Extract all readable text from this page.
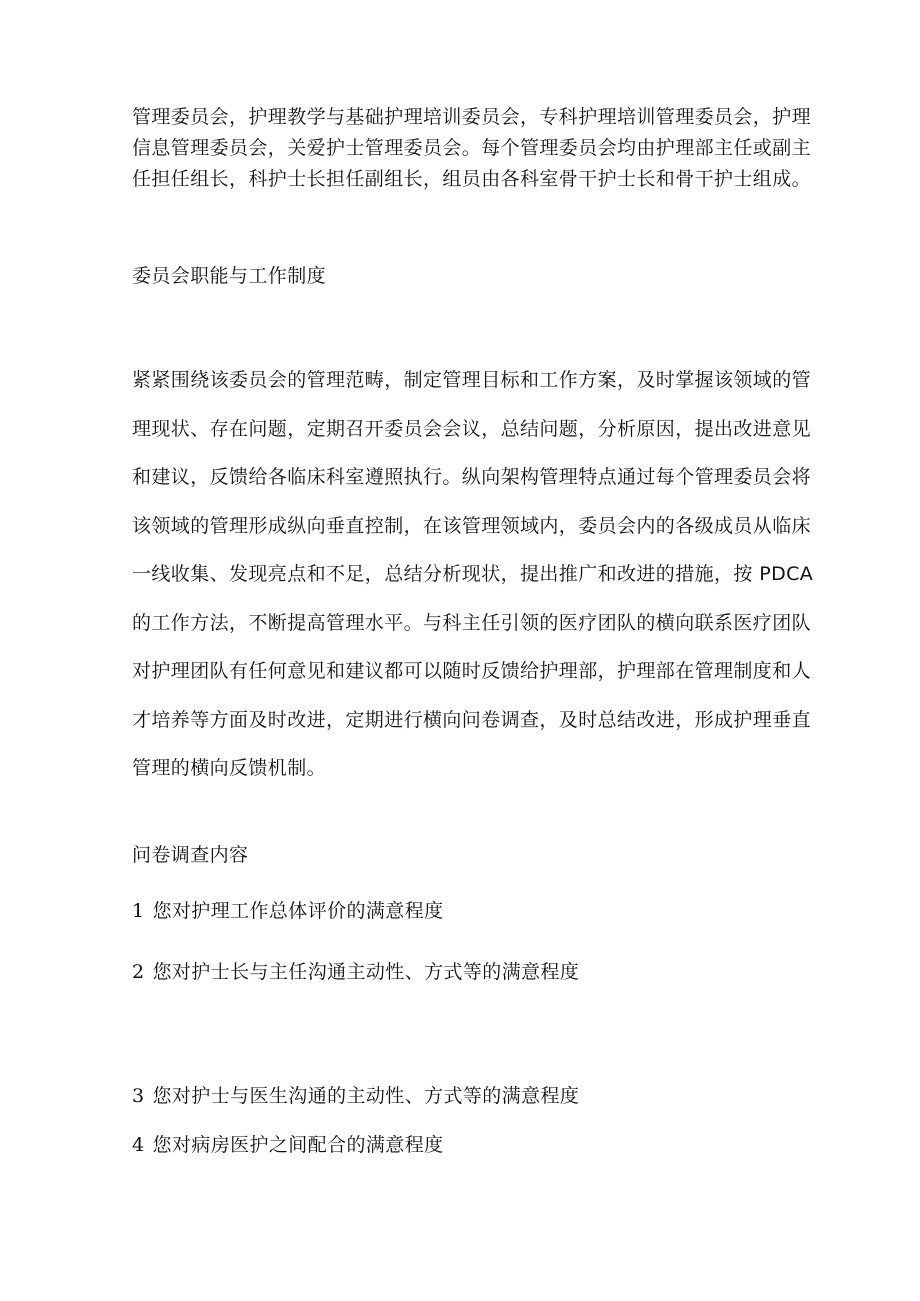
管理委员会，护理教学与基础护理培训委员会，专科护理培训管理委员会，护理
信息管理委员会，关爱护士管理委员会。每个管理委员会均由护理部主任或副主
任担任组长，科护士长担任副组长，组员由各科室骨干护士长和骨干护士组成。

委员会职能与工作制度

紧紧围绕该委员会的管理范畴，制定管理目标和工作方案，及时掌握该领域的管
理现状、存在问题，定期召开委员会会议，总结问题，分析原因，提出改进意见
和建议，反馈给各临床科室遵照执行。纵向架构管理特点通过每个管理委员会将
该领域的管理形成纵向垂直控制，在该管理领域内，委员会内的各级成员从临床
一线收集、发现亮点和不足，总结分析现状，提出推广和改进的措施，按 PDCA
的工作方法，不断提高管理水平。与科主任引领的医疗团队的横向联系医疗团队
对护理团队有任何意见和建议都可以随时反馈给护理部，护理部在管理制度和人
才培养等方面及时改进，定期进行横向问卷调查，及时总结改进，形成护理垂直
管理的横向反馈机制。

问卷调查内容

1 您对护理工作总体评价的满意程度

2 您对护士长与主任沟通主动性、方式等的满意程度

3 您对护士与医生沟通的主动性、方式等的满意程度

4 您对病房医护之间配合的满意程度
